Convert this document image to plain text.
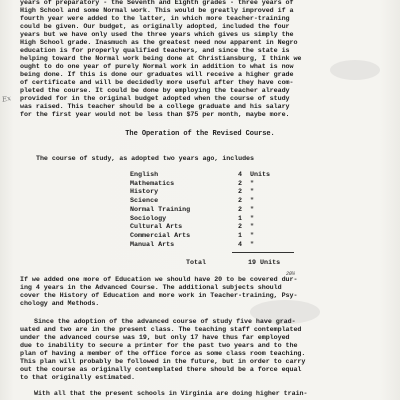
Ex
years of preparatory - the Seventh and Eighth grades - three years of
High School and some Normal work. This would be greatly improved if a
fourth year were added to the latter, in which more teacher-training
could be given. Our budget, as originally adopted, included the four
years but we have only used the three years which gives us simply the
High School grade. Inasmuch as the greatest need now apparent in Negro
education is for properly qualified teachers, and since the state is
helping toward the Normal work being done at Christiansburg, I think we
ought to do one year of purely Normal work in addition to what is now
being done. If this is done our graduates will receive a higher grade
of certificate and will be decidedly more useful after they have com-
pleted the course. It could be done by employing the teacher already
provided for in the original budget adopted when the course of study
was raised. This teacher should be a college graduate and his salary
for the first year would not be less than $75 per month, maybe more.
The Operation of the Revised Course.
The course of study, as adopted two years ago, includes
English	4	Units
Mathematics	2	"
History	2	"
Science	2	"
Normal Training	2	"
Sociology	1	"
Cultural Arts	2	"
Commercial Arts	1	"
Manual Arts	4	"
Total	19 Units
20½
If we added one more of Education we should have 20 to be covered dur-
ing 4 years in the Advanced Course. The additional subjects should
cover the History of Education and more work in Teacher-training, Psy-
chology and Methods.
Since the adoption of the advanced course of study five have grad-
uated and two are in the present class. The teaching staff contemplated
under the advanced course was 19, but only 17 have thus far employed
due to inability to secure a printer for the past two years and to the
plan of having a member of the office force as some class room teaching.
This plan will probably be followed in the future, but in order to carry
out the course as originally contemplated there should be a force equal
to that originally estimated.
With all that the present schools in Virginia are doing higher train-
